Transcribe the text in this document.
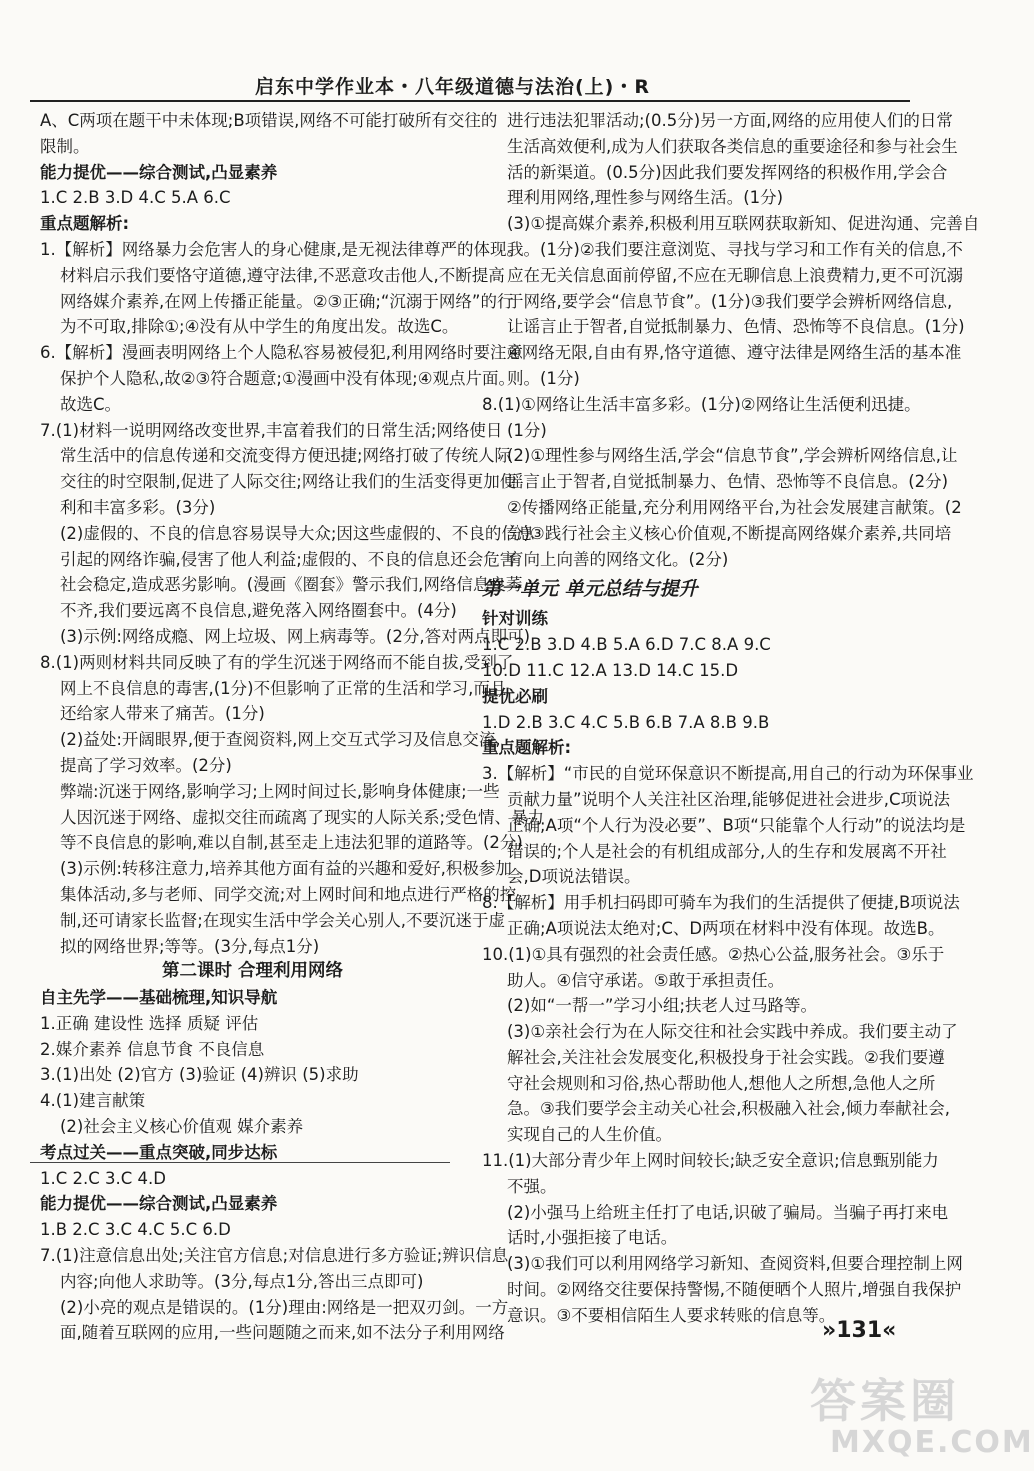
启东中学作业本・八年级道德与法治(上)・R
A、C两项在题干中未体现;B项错误,网络不可能打破所有交往的
限制。
能力提优——综合测试,凸显素养
1.C 2.B 3.D 4.C 5.A 6.C
重点题解析:
1.【解析】网络暴力会危害人的身心健康,是无视法律尊严的体现。
材料启示我们要恪守道德,遵守法律,不恶意攻击他人,不断提高
网络媒介素养,在网上传播正能量。②③正确;“沉溺于网络”的行
为不可取,排除①;④没有从中学生的角度出发。故选C。
6.【解析】漫画表明网络上个人隐私容易被侵犯,利用网络时要注意
保护个人隐私,故②③符合题意;①漫画中没有体现;④观点片面。
故选C。
7.(1)材料一说明网络改变世界,丰富着我们的日常生活;网络使日
常生活中的信息传递和交流变得方便迅捷;网络打破了传统人际
交往的时空限制,促进了人际交往;网络让我们的生活变得更加便
利和丰富多彩。(3分)
(2)虚假的、不良的信息容易误导大众;因这些虚假的、不良的信息
引起的网络诈骗,侵害了他人利益;虚假的、不良的信息还会危害
社会稳定,造成恶劣影响。(漫画《圈套》警示我们,网络信息良莠
不齐,我们要远离不良信息,避免落入网络圈套中。(4分)
(3)示例:网络成瘾、网上垃圾、网上病毒等。(2分,答对两点即可)
8.(1)两则材料共同反映了有的学生沉迷于网络而不能自拔,受到了
网上不良信息的毒害,(1分)不但影响了正常的生活和学习,而且
还给家人带来了痛苦。(1分)
(2)益处:开阔眼界,便于查阅资料,网上交互式学习及信息交流,
提高了学习效率。(2分)
弊端:沉迷于网络,影响学习;上网时间过长,影响身体健康;一些
人因沉迷于网络、虚拟交往而疏离了现实的人际关系;受色情、暴力
等不良信息的影响,难以自制,甚至走上违法犯罪的道路等。(2分)
(3)示例:转移注意力,培养其他方面有益的兴趣和爱好,积极参加
集体活动,多与老师、同学交流;对上网时间和地点进行严格的控
制,还可请家长监督;在现实生活中学会关心别人,不要沉迷于虚
拟的网络世界;等等。(3分,每点1分)
第二课时 合理利用网络
自主先学——基础梳理,知识导航
1.正确 建设性 选择 质疑 评估
2.媒介素养 信息节食 不良信息
3.(1)出处 (2)官方 (3)验证 (4)辨识 (5)求助
4.(1)建言献策
(2)社会主义核心价值观 媒介素养
考点过关——重点突破,同步达标
1.C 2.C 3.C 4.D
能力提优——综合测试,凸显素养
1.B 2.C 3.C 4.C 5.C 6.D
7.(1)注意信息出处;关注官方信息;对信息进行多方验证;辨识信息
内容;向他人求助等。(3分,每点1分,答出三点即可)
(2)小亮的观点是错误的。(1分)理由:网络是一把双刃剑。一方
面,随着互联网的应用,一些问题随之而来,如不法分子利用网络
进行违法犯罪活动;(0.5分)另一方面,网络的应用使人们的日常
生活高效便利,成为人们获取各类信息的重要途径和参与社会生
活的新渠道。(0.5分)因此我们要发挥网络的积极作用,学会合
理利用网络,理性参与网络生活。(1分)
(3)①提高媒介素养,积极利用互联网获取新知、促进沟通、完善自
我。(1分)②我们要注意浏览、寻找与学习和工作有关的信息,不
应在无关信息面前停留,不应在无聊信息上浪费精力,更不可沉溺
于网络,要学会“信息节食”。(1分)③我们要学会辨析网络信息,
让谣言止于智者,自觉抵制暴力、色情、恐怖等不良信息。(1分)
④网络无限,自由有界,恪守道德、遵守法律是网络生活的基本准
则。(1分)
8.(1)①网络让生活丰富多彩。(1分)②网络让生活便利迅捷。
(1分)
(2)①理性参与网络生活,学会“信息节食”,学会辨析网络信息,让
谣言止于智者,自觉抵制暴力、色情、恐怖等不良信息。(2分)
②传播网络正能量,充分利用网络平台,为社会发展建言献策。(2
分)③践行社会主义核心价值观,不断提高网络媒介素养,共同培
育向上向善的网络文化。(2分)
第一单元 单元总结与提升
针对训练
1.C 2.B 3.D 4.B 5.A 6.D 7.C 8.A 9.C
10.D 11.C 12.A 13.D 14.C 15.D
提优必刷
1.D 2.B 3.C 4.C 5.B 6.B 7.A 8.B 9.B
重点题解析:
3.【解析】“市民的自觉环保意识不断提高,用自己的行动为环保事业
贡献力量”说明个人关注社区治理,能够促进社会进步,C项说法
正确;A项“个人行为没必要”、B项“只能靠个人行动”的说法均是
错误的;个人是社会的有机组成部分,人的生存和发展离不开社
会,D项说法错误。
8.【解析】用手机扫码即可骑车为我们的生活提供了便捷,B项说法
正确;A项说法太绝对;C、D两项在材料中没有体现。故选B。
10.(1)①具有强烈的社会责任感。②热心公益,服务社会。③乐于
助人。④信守承诺。⑤敢于承担责任。
(2)如“一帮一”学习小组;扶老人过马路等。
(3)①亲社会行为在人际交往和社会实践中养成。我们要主动了
解社会,关注社会发展变化,积极投身于社会实践。②我们要遵
守社会规则和习俗,热心帮助他人,想他人之所想,急他人之所
急。③我们要学会主动关心社会,积极融入社会,倾力奉献社会,
实现自己的人生价值。
11.(1)大部分青少年上网时间较长;缺乏安全意识;信息甄别能力
不强。
(2)小强马上给班主任打了电话,识破了骗局。当骗子再打来电
话时,小强拒接了电话。
(3)①我们可以利用网络学习新知、查阅资料,但要合理控制上网
时间。②网络交往要保持警惕,不随便晒个人照片,增强自我保护
意识。③不要相信陌生人要求转账的信息等。
»131«
答案圈
MXQE.COM
